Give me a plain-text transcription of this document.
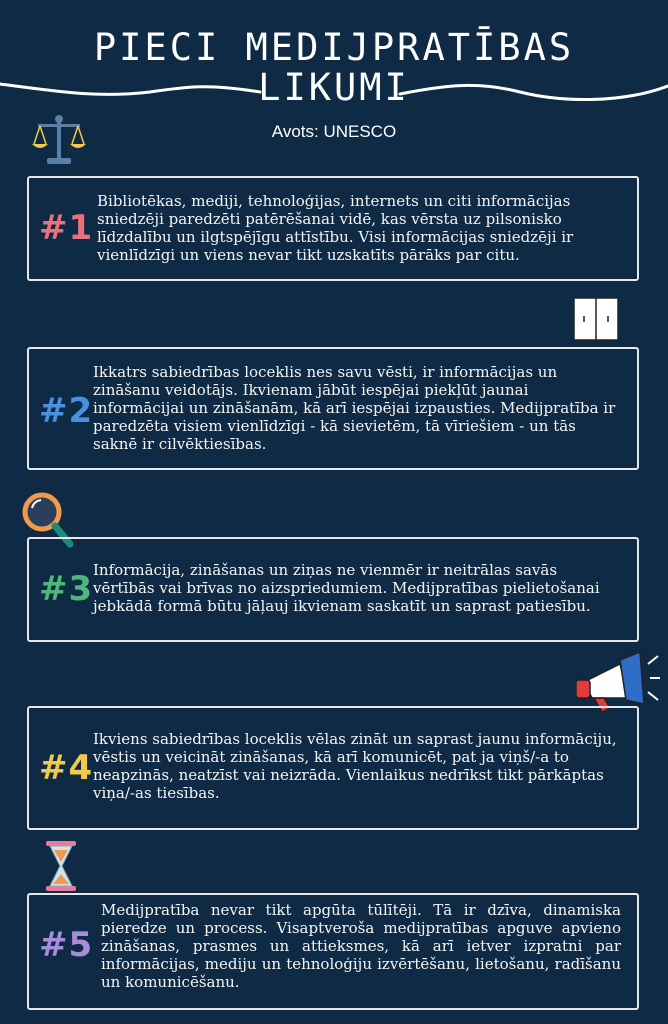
PIECI MEDIJPRATĪBAS
LIKUMI
Avots: UNESCO
#1
Bibliotēkas, mediji, tehnoloģijas, internets un citi informācijas sniedzēji paredzēti patērēšanai vidē, kas vērsta uz pilsonisko līdzdalību un ilgtspējīgu attīstību. Visi informācijas sniedzēji ir vienlīdzīgi un viens nevar tikt uzskatīts pārāks par citu.
#2
Ikkatrs sabiedrības loceklis nes savu vēsti, ir informācijas un zināšanu veidotājs. Ikvienam jābūt iespējai piekļūt jaunai informācijai un zināšanām, kā arī iespējai izpausties. Medijpratība ir paredzēta visiem vienlīdzīgi - kā sievietēm, tā vīriešiem - un tās saknē ir cilvēktiesības.
#3 Informācija, zināšanas un ziņas ne vienmēr ir neitrālas savās vērtībās vai brīvas no aizspriedumiem. Medijpratības pielietošanai jebkādā formā būtu jāļauj ikvienam saskatīt un saprast patiesību.
#4
Ikviens sabiedrības loceklis vēlas zināt un saprast jaunu informāciju, vēstis un veicināt zināšanas, kā arī komunicēt, pat ja viņš/-a to neapzinās, neatzīst vai neizrāda. Vienlaikus nedrīkst tikt pārkāptas viņa/-as tiesības.
#5
Medijpratība nevar tikt apgūta tūlītēji. Tā ir dzīva, dinamiska pieredze un process. Visaptveroša medijpratības apguve apvieno zināšanas, prasmes un attieksmes, kā arī ietver izpratni par informācijas, mediju un tehnoloģiju izvērtēšanu, lietošanu, radīšanu un komunicēšanu.
